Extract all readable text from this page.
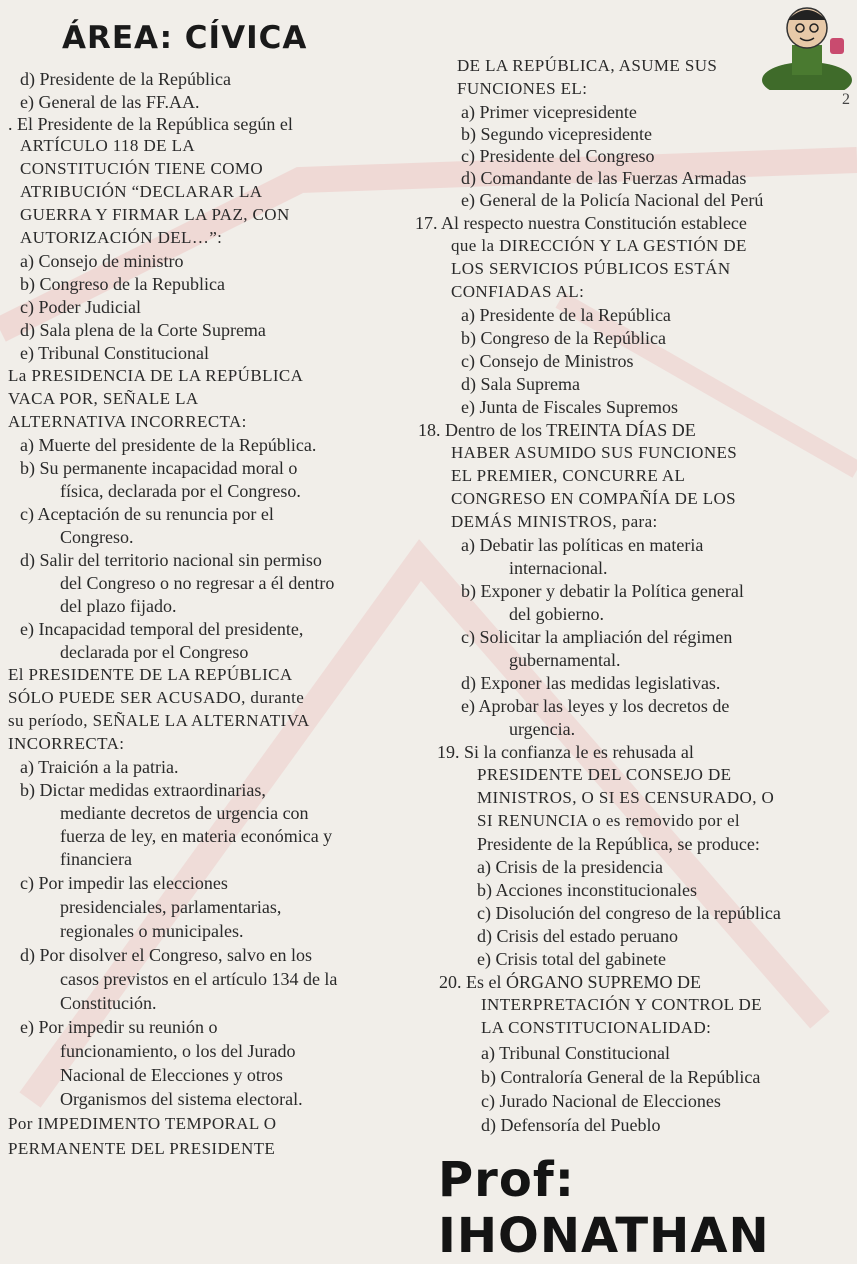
ÁREA: CÍVICA
2
d) Presidente de la República
e) General de las FF.AA.
. El Presidente de la República según el
ARTÍCULO 118 DE LA
CONSTITUCIÓN TIENE COMO
ATRIBUCIÓN “DECLARAR LA
GUERRA Y FIRMAR LA PAZ, CON
AUTORIZACIÓN DEL…”:
a) Consejo de ministro
b) Congreso de la Republica
c) Poder Judicial
d) Sala plena de la Corte Suprema
e) Tribunal Constitucional
La PRESIDENCIA DE LA REPÚBLICA
VACA POR, SEÑALE LA
ALTERNATIVA INCORRECTA:
a) Muerte del presidente de la República.
b) Su permanente incapacidad moral o
física, declarada por el Congreso.
c) Aceptación de su renuncia por el
Congreso.
d) Salir del territorio nacional sin permiso
del Congreso o no regresar a él dentro
del plazo fijado.
e) Incapacidad temporal del presidente,
declarada por el Congreso
El PRESIDENTE DE LA REPÚBLICA
SÓLO PUEDE SER ACUSADO, durante
su período, SEÑALE LA ALTERNATIVA
INCORRECTA:
a) Traición a la patria.
b) Dictar medidas extraordinarias,
mediante decretos de urgencia con
fuerza de ley, en materia económica y
financiera
c) Por impedir las elecciones
presidenciales, parlamentarias,
regionales o municipales.
d) Por disolver el Congreso, salvo en los
casos previstos en el artículo 134 de la
Constitución.
e) Por impedir su reunión o
funcionamiento, o los del Jurado
Nacional de Elecciones y otros
Organismos del sistema electoral.
Por IMPEDIMENTO TEMPORAL O
PERMANENTE DEL PRESIDENTE
DE LA REPÚBLICA, ASUME SUS
FUNCIONES EL:
a) Primer vicepresidente
b) Segundo vicepresidente
c) Presidente del Congreso
d) Comandante de las Fuerzas Armadas
e) General de la Policía Nacional del Perú
17. Al respecto nuestra Constitución establece
que la DIRECCIÓN Y LA GESTIÓN DE
LOS SERVICIOS PÚBLICOS ESTÁN
CONFIADAS AL:
a) Presidente de la República
b) Congreso de la República
c) Consejo de Ministros
d) Sala Suprema
e) Junta de Fiscales Supremos
18. Dentro de los TREINTA DÍAS DE
HABER ASUMIDO SUS FUNCIONES
EL PREMIER, CONCURRE AL
CONGRESO EN COMPAÑÍA DE LOS
DEMÁS MINISTROS, para:
a) Debatir las políticas en materia
internacional.
b) Exponer y debatir la Política general
del gobierno.
c) Solicitar la ampliación del régimen
gubernamental.
d) Exponer las medidas legislativas.
e) Aprobar las leyes y los decretos de
urgencia.
19. Si la confianza le es rehusada al
PRESIDENTE DEL CONSEJO DE
MINISTROS, O SI ES CENSURADO, O
SI RENUNCIA o es removido por el
Presidente de la República, se produce:
a) Crisis de la presidencia
b) Acciones inconstitucionales
c) Disolución del congreso de la república
d) Crisis del estado peruano
e) Crisis total del gabinete
20. Es el ÓRGANO SUPREMO DE
INTERPRETACIÓN Y CONTROL DE
LA CONSTITUCIONALIDAD:
a) Tribunal Constitucional
b) Contraloría General de la República
c) Jurado Nacional de Elecciones
d) Defensoría del Pueblo
Prof: IHONATHAN
